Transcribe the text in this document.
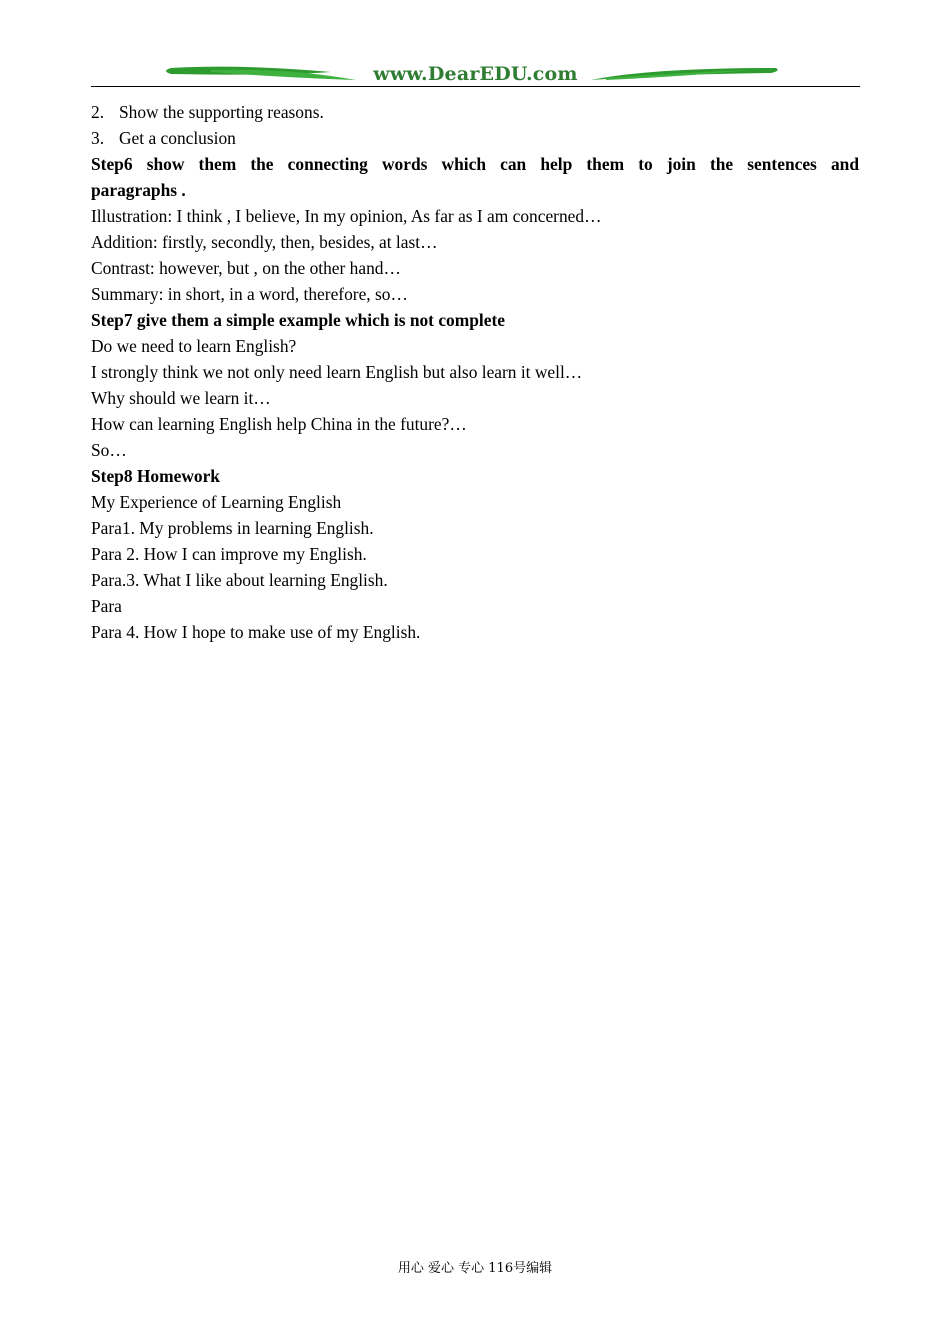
www.DearEDU.com
2. Show the supporting reasons.
3. Get a conclusion
Step6 show them the connecting words which can help them to join the sentences and
paragraphs .
Illustration: I think , I believe, In my opinion, As far as I am concerned…
Addition: firstly, secondly, then, besides, at last…
Contrast: however, but , on the other hand…
Summary: in short, in a word, therefore, so…
Step7 give them a simple example which is not complete
Do we need to learn English?
I strongly think we not only need learn English but also learn it well…
Why should we learn it…
How can learning English help China in the future?…
So…
Step8 Homework
My Experience of Learning English
Para1. My problems in learning English.
Para 2. How I can improve my English.
Para.3. What I like about learning English.
Para
Para 4. How I hope to make use of my English.
用心 爱心 专心 116号编辑
